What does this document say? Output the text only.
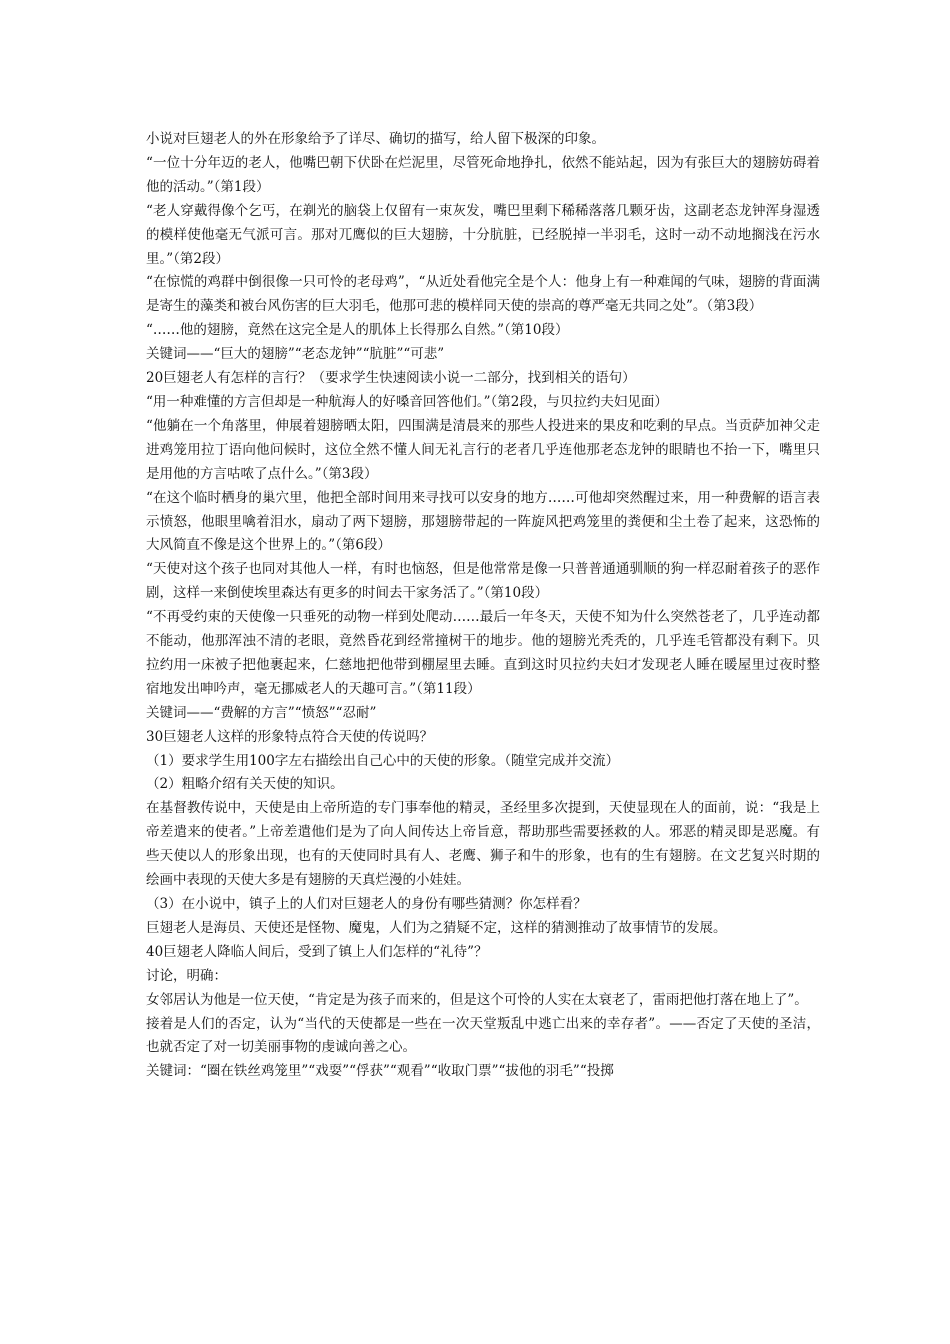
小说对巨翅老人的外在形象给予了详尽、确切的描写，给人留下极深的印象。

“一位十分年迈的老人，他嘴巴朝下伏卧在烂泥里，尽管死命地挣扎，依然不能站起，因为有张巨大的翅膀妨碍着他的活动。”（第1段）

“老人穿戴得像个乞丐，在剃光的脑袋上仅留有一束灰发，嘴巴里剩下稀稀落落几颗牙齿，这副老态龙钟浑身湿透的模样使他毫无气派可言。那对兀鹰似的巨大翅膀，十分肮脏，已经脱掉一半羽毛，这时一动不动地搁浅在污水里。”（第2段）

“在惊慌的鸡群中倒很像一只可怜的老母鸡”，“从近处看他完全是个人：他身上有一种难闻的气味，翅膀的背面满是寄生的藻类和被台风伤害的巨大羽毛，他那可悲的模样同天使的崇高的尊严毫无共同之处”。（第3段）

“……他的翅膀，竟然在这完全是人的肌体上长得那么自然。”（第10段）

关键词——“巨大的翅膀”“老态龙钟”“肮脏”“可悲”

20巨翅老人有怎样的言行？（要求学生快速阅读小说一二部分，找到相关的语句）

“用一种难懂的方言但却是一种航海人的好嗓音回答他们。”（第2段，与贝拉约夫妇见面）

“他躺在一个角落里，伸展着翅膀晒太阳，四围满是清晨来的那些人投进来的果皮和吃剩的早点。当贡萨加神父走进鸡笼用拉丁语向他问候时，这位全然不懂人间无礼言行的老者几乎连他那老态龙钟的眼睛也不抬一下，嘴里只是用他的方言咕哝了点什么。”（第3段）

“在这个临时栖身的巢穴里，他把全部时间用来寻找可以安身的地方……可他却突然醒过来，用一种费解的语言表示愤怒，他眼里噙着泪水，扇动了两下翅膀，那翅膀带起的一阵旋风把鸡笼里的粪便和尘土卷了起来，这恐怖的大风简直不像是这个世界上的。”（第6段）

“天使对这个孩子也同对其他人一样，有时也恼怒，但是他常常是像一只普普通通驯顺的狗一样忍耐着孩子的恶作剧，这样一来倒使埃里森达有更多的时间去干家务活了。”（第10段）

“不再受约束的天使像一只垂死的动物一样到处爬动……最后一年冬天，天使不知为什么突然苍老了，几乎连动都不能动，他那浑浊不清的老眼，竟然昏花到经常撞树干的地步。他的翅膀光秃秃的，几乎连毛管都没有剩下。贝拉约用一床被子把他裹起来，仁慈地把他带到棚屋里去睡。直到这时贝拉约夫妇才发现老人睡在暖屋里过夜时整宿地发出呻吟声，毫无挪威老人的天趣可言。”（第11段）

关键词——“费解的方言”“愤怒”“忍耐”

30巨翅老人这样的形象特点符合天使的传说吗？

（1）要求学生用100字左右描绘出自己心中的天使的形象。（随堂完成并交流）

（2）粗略介绍有关天使的知识。

在基督教传说中，天使是由上帝所造的专门事奉他的精灵，圣经里多次提到，天使显现在人的面前，说：“我是上帝差遣来的使者。”上帝差遣他们是为了向人间传达上帝旨意，帮助那些需要拯救的人。邪恶的精灵即是恶魔。有些天使以人的形象出现，也有的天使同时具有人、老鹰、狮子和牛的形象，也有的生有翅膀。在文艺复兴时期的绘画中表现的天使大多是有翅膀的天真烂漫的小娃娃。

（3）在小说中，镇子上的人们对巨翅老人的身份有哪些猜测？你怎样看？

巨翅老人是海员、天使还是怪物、魔鬼，人们为之猜疑不定，这样的猜测推动了故事情节的发展。

40巨翅老人降临人间后，受到了镇上人们怎样的“礼待”？

讨论，明确：

女邻居认为他是一位天使，“肯定是为孩子而来的，但是这个可怜的人实在太衰老了，雷雨把他打落在地上了”。

接着是人们的否定，认为“当代的天使都是一些在一次天堂叛乱中逃亡出来的幸存者”。——否定了天使的圣洁，也就否定了对一切美丽事物的虔诚向善之心。

关键词：“圈在铁丝鸡笼里”“戏耍”“俘获”“观看”“收取门票”“拔他的羽毛”“投掷
